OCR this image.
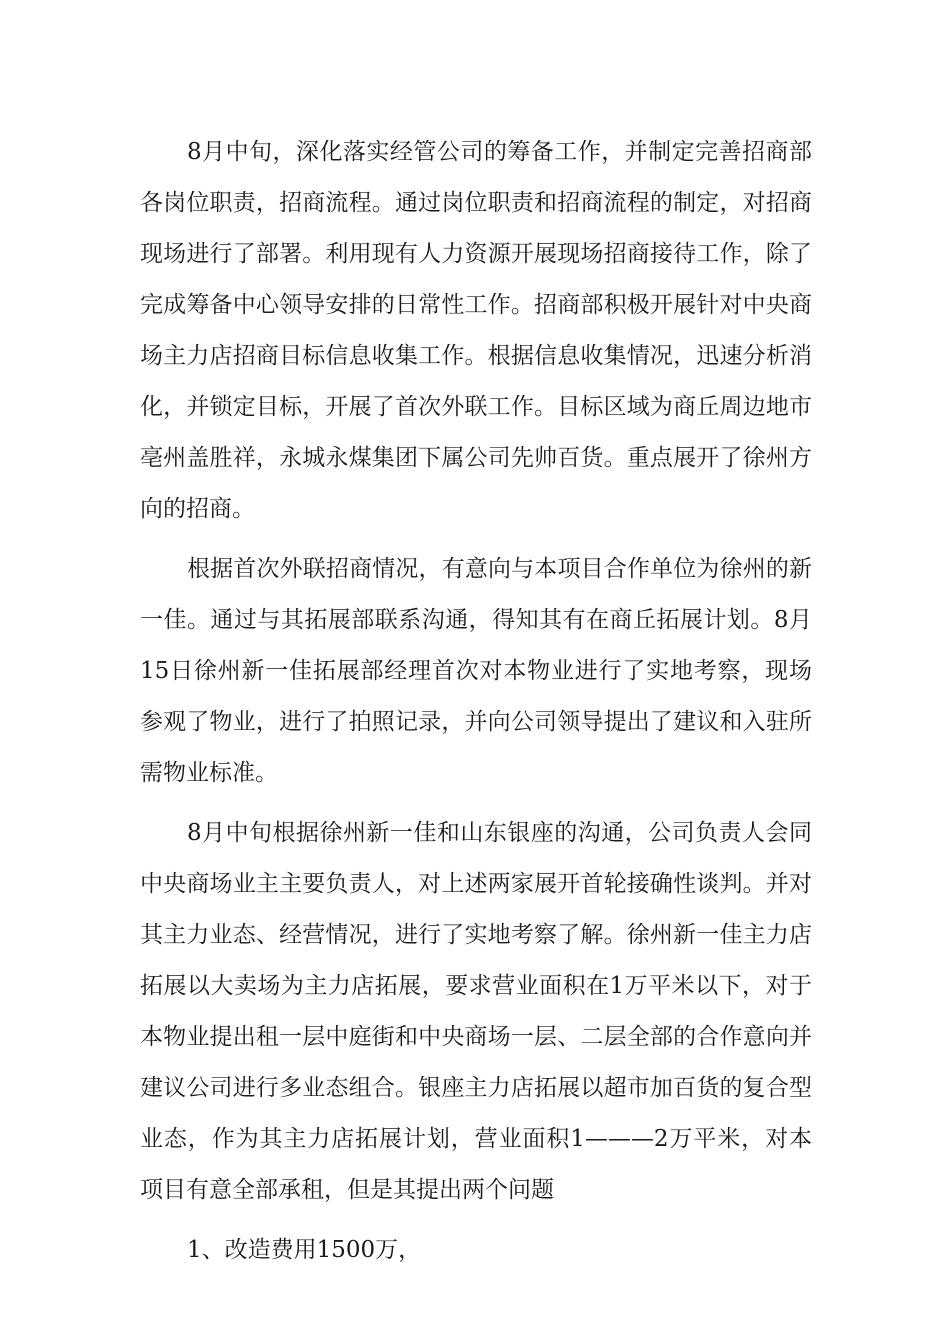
8月中旬，深化落实经管公司的筹备工作，并制定完善招商部各岗位职责，招商流程。通过岗位职责和招商流程的制定，对招商现场进行了部署。利用现有人力资源开展现场招商接待工作，除了完成筹备中心领导安排的日常性工作。招商部积极开展针对中央商场主力店招商目标信息收集工作。根据信息收集情况，迅速分析消化，并锁定目标，开展了首次外联工作。目标区域为商丘周边地市亳州盖胜祥，永城永煤集团下属公司先帅百货。重点展开了徐州方向的招商。

根据首次外联招商情况，有意向与本项目合作单位为徐州的新一佳。通过与其拓展部联系沟通，得知其有在商丘拓展计划。8月15日徐州新一佳拓展部经理首次对本物业进行了实地考察，现场参观了物业，进行了拍照记录，并向公司领导提出了建议和入驻所需物业标准。

8月中旬根据徐州新一佳和山东银座的沟通，公司负责人会同中央商场业主主要负责人，对上述两家展开首轮接确性谈判。并对其主力业态、经营情况，进行了实地考察了解。徐州新一佳主力店拓展以大卖场为主力店拓展，要求营业面积在1万平米以下，对于本物业提出租一层中庭街和中央商场一层、二层全部的合作意向并建议公司进行多业态组合。银座主力店拓展以超市加百货的复合型业态，作为其主力店拓展计划，营业面积1———2万平米，对本项目有意全部承租，但是其提出两个问题

1、改造费用1500万，
